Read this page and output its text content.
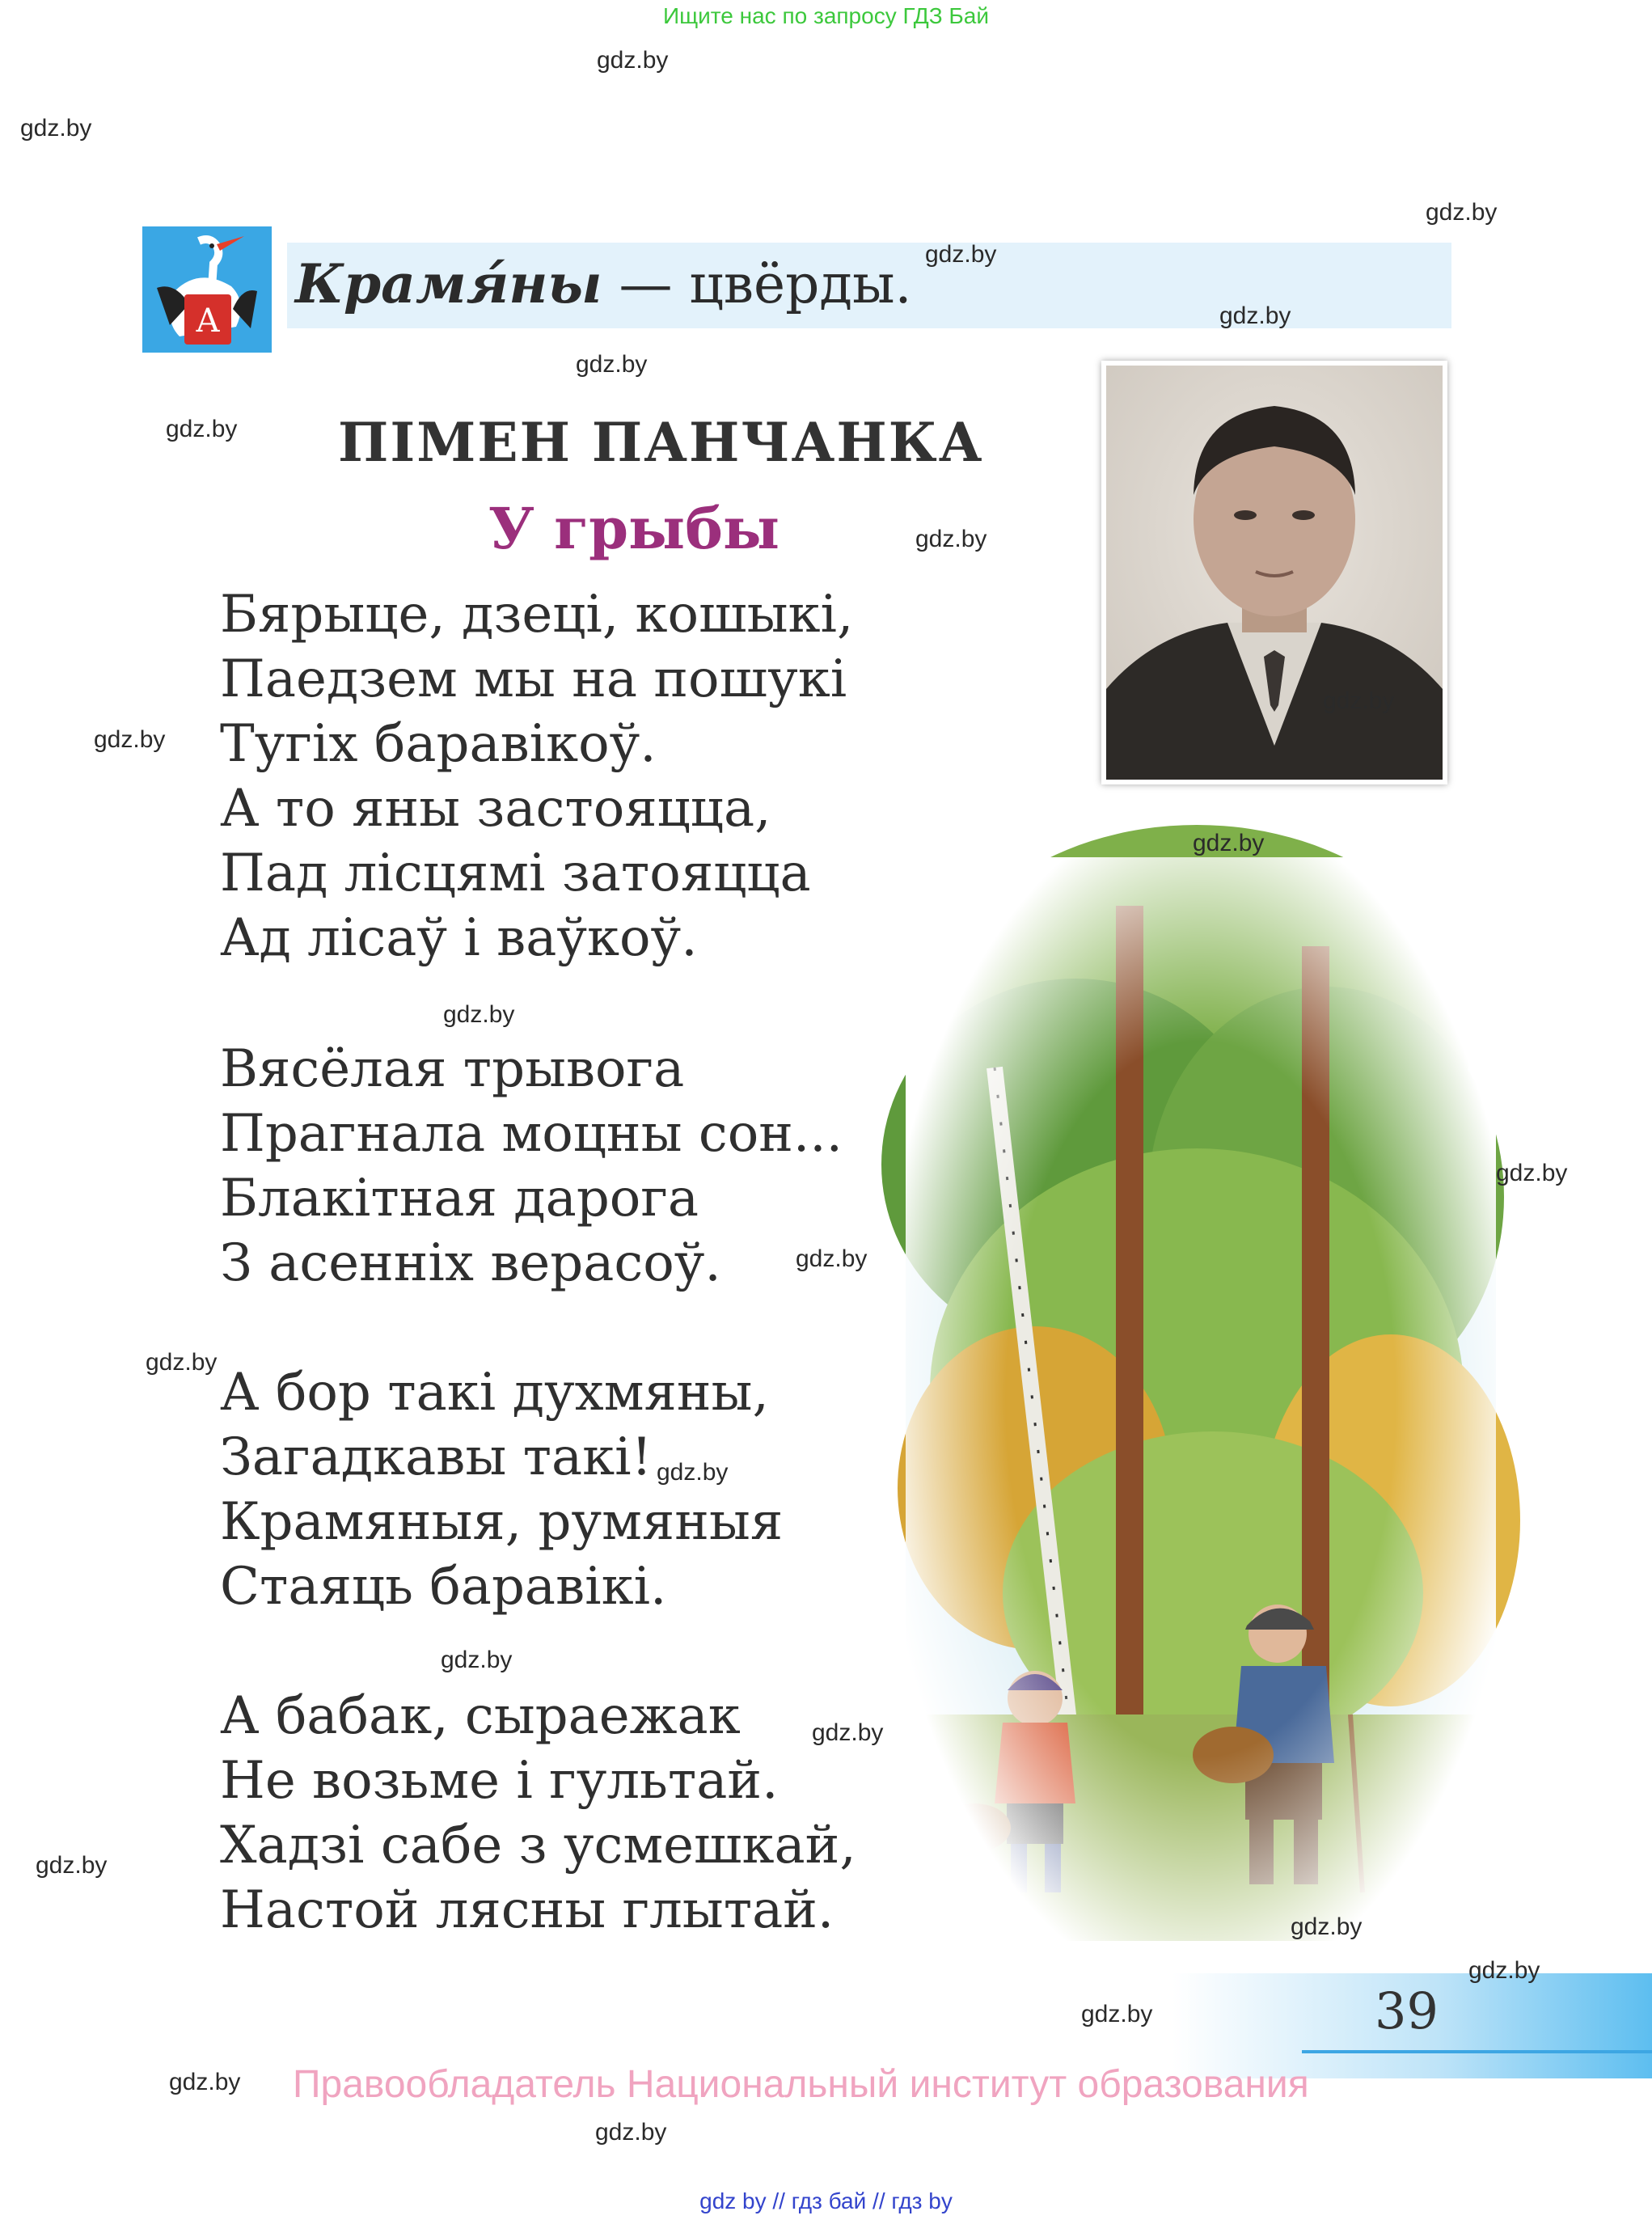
Ищите нас по запросу ГДЗ Бай
А
Крамя́ны — цвёрды.
ПІМЕН ПАНЧАНКА
У грыбы
Бярыце, дзеці, кошыкі,
Паедзем мы на пошукі
Тугіх баравікоў.
А то яны застояцца,
Пад лісцямі затояцца
Ад лісаў і ваўкоў.
Вясёлая трывога
Прагнала моцны сон...
Блакітная дарога
З асенніх верасоў.
А бор такі духмяны,
Загадкавы такі!
Крамяныя, румяныя
Стаяць баравікі.
А бабак, сыраежак
Не возьме і гультай.
Хадзі сабе з усмешкай,
Настой лясны глытай.
39
Правообладатель Национальный институт образования
gdz.by
gdz.by
gdz.by
gdz.by
gdz.by
gdz.by
gdz.by
gdz.by
gdz.by
gdz.by
gdz.by
gdz.by
gdz.by
gdz.by
gdz.by
gdz.by
gdz.by
gdz.by
gdz.by
gdz.by
gdz.by
gdz.by
gdz.by
gdz.by
gdz by // гдз бай // гдз by
